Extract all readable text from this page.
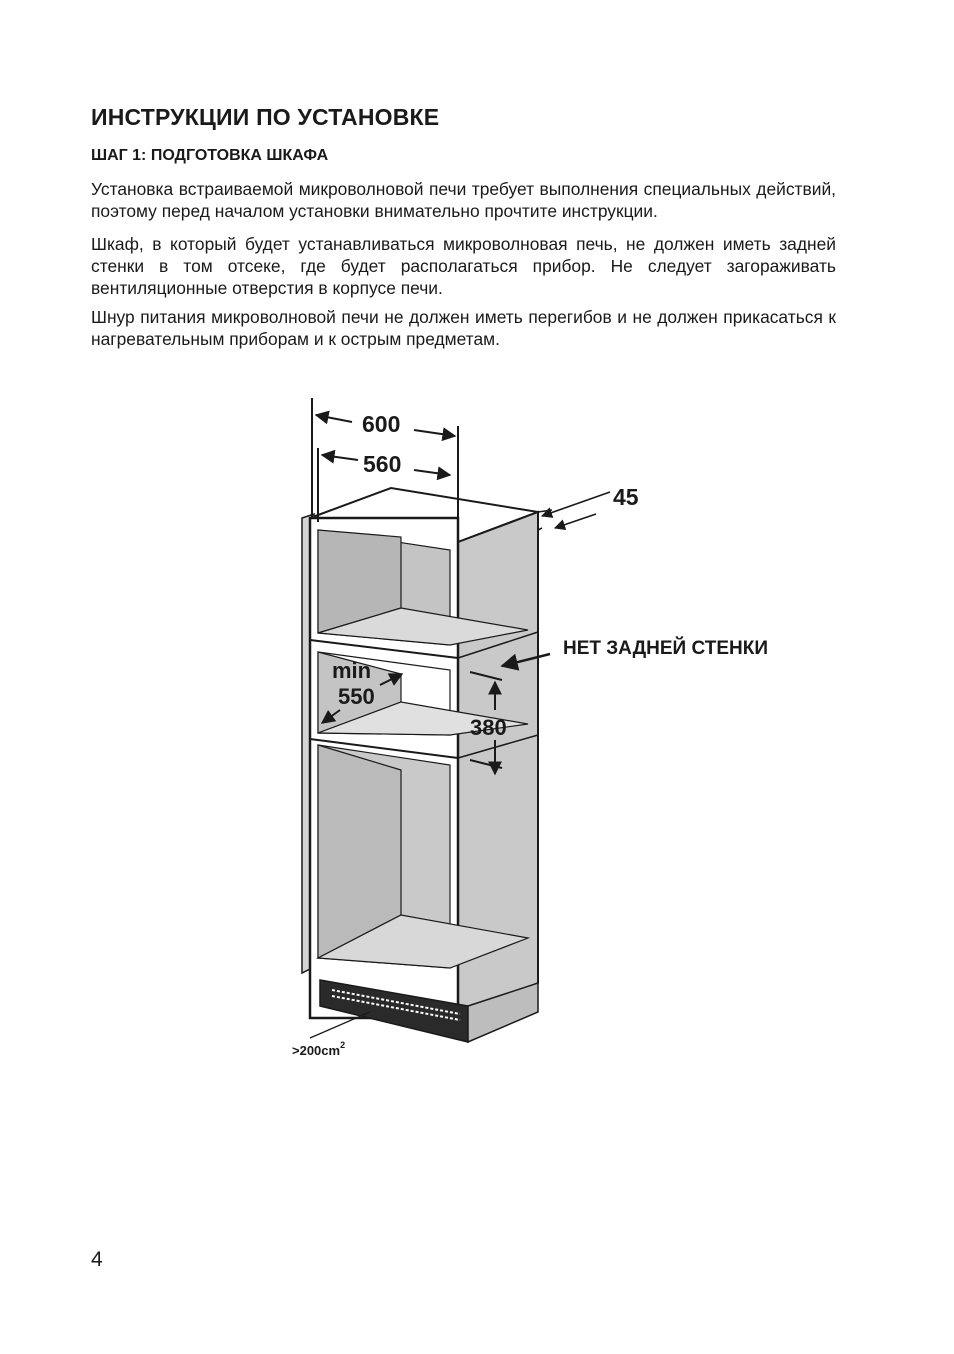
ИНСТРУКЦИИ ПО УСТАНОВКЕ
ШАГ 1: ПОДГОТОВКА ШКАФА

Установка встраиваемой микроволновой печи требует выполнения специальных действий, поэтому перед началом установки внимательно прочтите инструкции.

Шкаф, в который будет устанавливаться микроволновая печь, не должен иметь задней стенки в том отсеке, где будет располагаться прибор. Не следует загораживать вентиляционные отверстия в корпусе печи.

Шнур питания микроволновой печи не должен иметь перегибов и не должен прикасаться к нагревательным приборам и к острым предметам.

$>200cm^2$
600
560
45
min
550
380
НЕТ ЗАДНЕЙ СТЕНКИ

4
